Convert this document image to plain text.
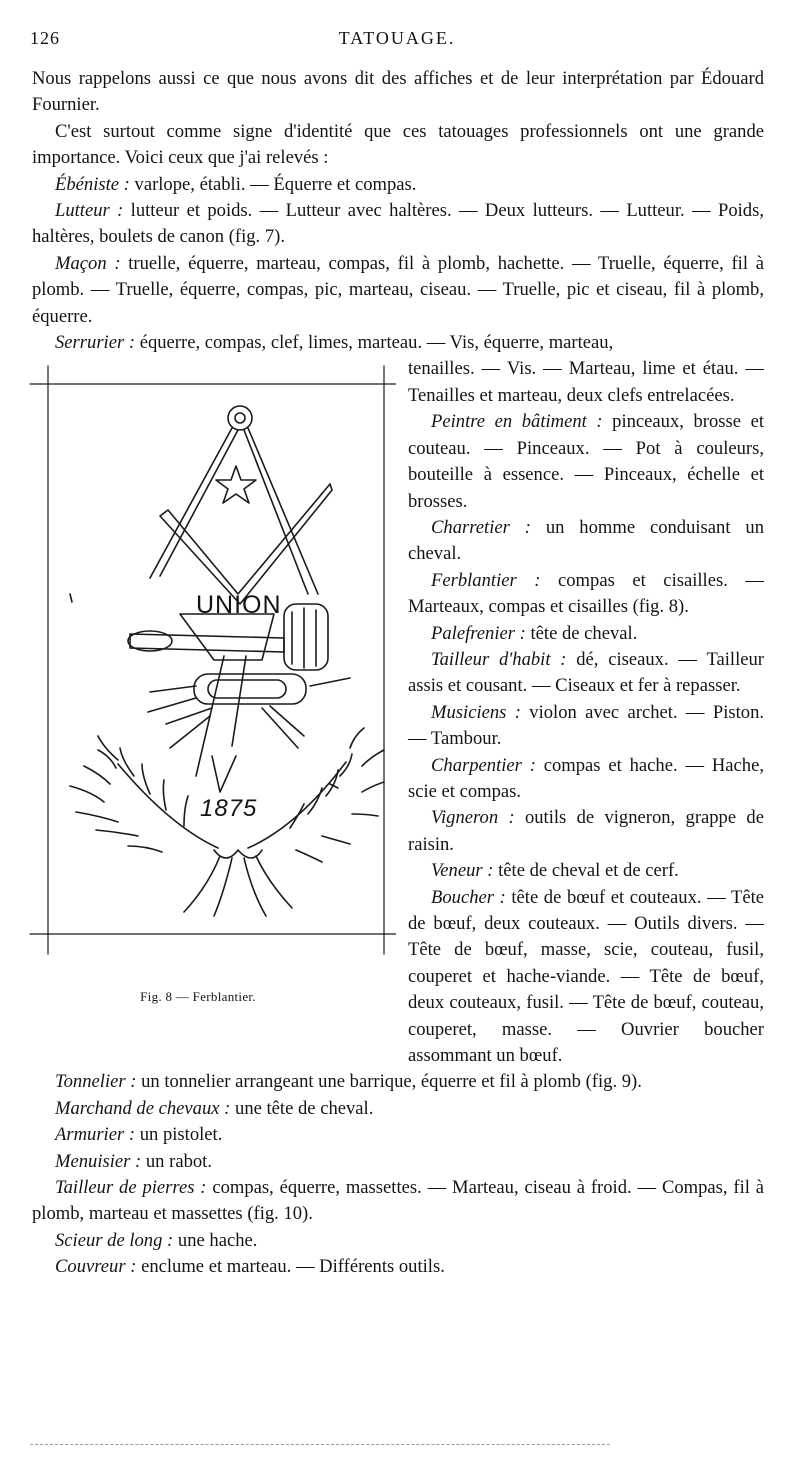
126	TATOUAGE.

Nous rappelons aussi ce que nous avons dit des affiches et de leur interprétation par Édouard Fournier.

C'est surtout comme signe d'identité que ces tatouages professionnels ont une grande importance. Voici ceux que j'ai relevés :

Ébéniste : varlope, établi. — Équerre et compas.

Lutteur : lutteur et poids. — Lutteur avec haltères. — Deux lutteurs. — Lutteur. — Poids, haltères, boulets de canon (fig. 7).

Maçon : truelle, équerre, marteau, compas, fil à plomb, hachette. — Truelle, équerre, fil à plomb. — Truelle, équerre, compas, pic, marteau, ciseau. — Truelle, pic et ciseau, fil à plomb, équerre.

Serrurier : équerre, compas, clef, limes, marteau. — Vis, équerre, marteau,

UNION
1875
Fig. 8 — Ferblantier.

tenailles. — Vis. — Marteau, lime et étau. — Tenailles et marteau, deux clefs entrelacées.

Peintre en bâtiment : pinceaux, brosse et couteau. — Pinceaux. — Pot à couleurs, bouteille à essence. — Pinceaux, échelle et brosses.

Charretier : un homme conduisant un cheval.

Ferblantier : compas et cisailles. — Marteaux, compas et cisailles (fig. 8).

Palefrenier : tête de cheval.

Tailleur d'habit : dé, ciseaux. — Tailleur assis et cousant. — Ciseaux et fer à repasser.

Musiciens : violon avec archet. — Piston. — Tambour.

Charpentier : compas et hache. — Hache, scie et compas.

Vigneron : outils de vigneron, grappe de raisin.

Veneur : tête de cheval et de cerf.

Boucher : tête de bœuf et couteaux. — Tête de bœuf, deux couteaux. — Outils divers. — Tête de bœuf, masse, scie, couteau, fusil, couperet et hache-viande. — Tête de bœuf, deux couteaux, fusil. — Tête de bœuf, couteau, couperet, masse. — Ouvrier boucher assommant un bœuf.

Tonnelier : un tonnelier arrangeant une barrique, équerre et fil à plomb (fig. 9).

Marchand de chevaux : une tête de cheval.

Armurier : un pistolet.

Menuisier : un rabot.

Tailleur de pierres : compas, équerre, massettes. — Marteau, ciseau à froid. — Compas, fil à plomb, marteau et massettes (fig. 10).

Scieur de long : une hache.

Couvreur : enclume et marteau. — Différents outils.
